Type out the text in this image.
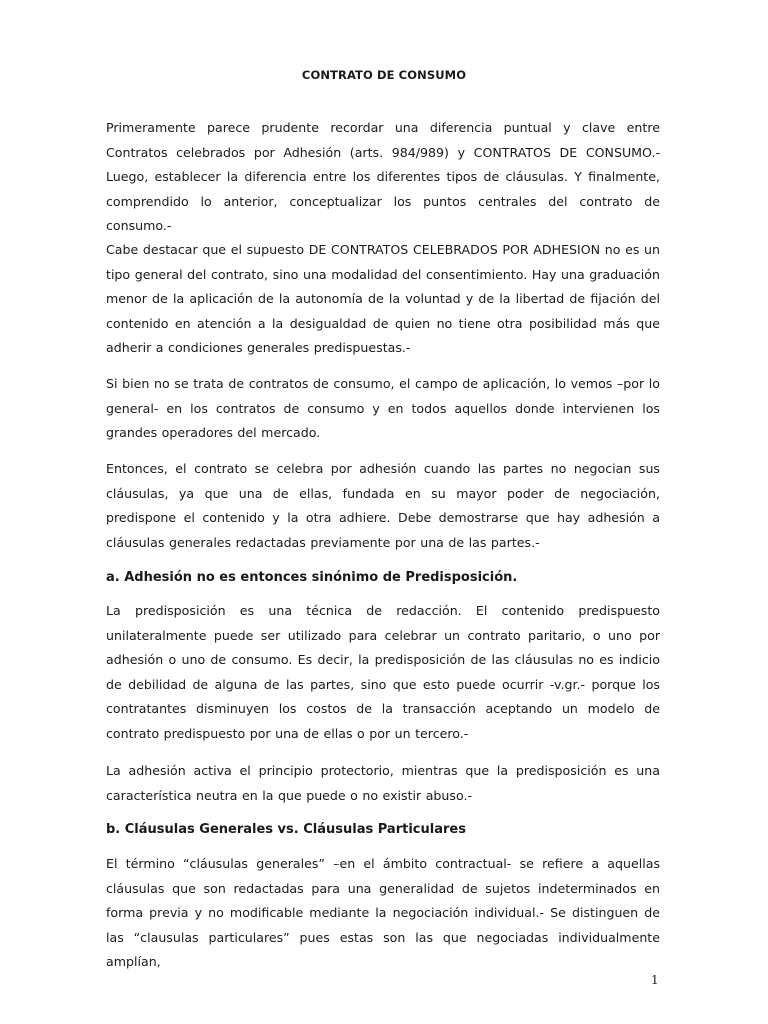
CONTRATO DE CONSUMO

Primeramente parece prudente recordar una diferencia puntual y clave entre Contratos celebrados por Adhesión (arts. 984/989) y CONTRATOS DE CONSUMO.- Luego, establecer la diferencia entre los diferentes tipos de cláusulas. Y finalmente, comprendido lo anterior, conceptualizar los puntos centrales del contrato de consumo.-

Cabe destacar que el supuesto DE CONTRATOS CELEBRADOS POR ADHESION no es un tipo general del contrato, sino una modalidad del consentimiento. Hay una graduación menor de la aplicación de la autonomía de la voluntad y de la libertad de fijación del contenido en atención a la desigualdad de quien no tiene otra posibilidad más que adherir a condiciones generales predispuestas.-

Si bien no se trata de contratos de consumo, el campo de aplicación, lo vemos –por lo general- en los contratos de consumo y en todos aquellos donde intervienen los grandes operadores del mercado.

Entonces, el contrato se celebra por adhesión cuando las partes no negocian sus cláusulas, ya que una de ellas, fundada en su mayor poder de negociación, predispone el contenido y la otra adhiere. Debe demostrarse que hay adhesión a cláusulas generales redactadas previamente por una de las partes.-

a. Adhesión no es entonces sinónimo de Predisposición.

La predisposición es una técnica de redacción. El contenido predispuesto unilateralmente puede ser utilizado para celebrar un contrato paritario, o uno por adhesión o uno de consumo. Es decir, la predisposición de las cláusulas no es indicio de debilidad de alguna de las partes, sino que esto puede ocurrir -v.gr.- porque los contratantes disminuyen los costos de la transacción aceptando un modelo de contrato predispuesto por una de ellas o por un tercero.-

La adhesión activa el principio protectorio, mientras que la predisposición es una característica neutra en la que puede o no existir abuso.-

b. Cláusulas Generales vs. Cláusulas Particulares

El término “cláusulas generales” –en el ámbito contractual- se refiere a aquellas cláusulas que son redactadas para una generalidad de sujetos indeterminados en forma previa y no modificable mediante la negociación individual.- Se distinguen de las “clausulas particulares” pues estas son las que negociadas individualmente amplían,

1
